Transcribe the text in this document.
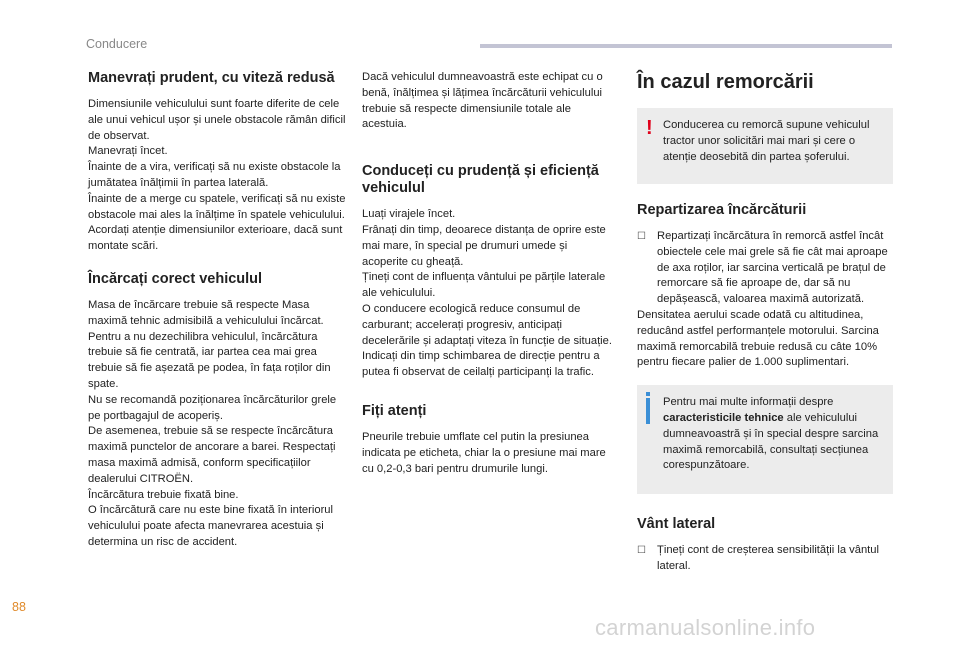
Conducere
Manevrați prudent, cu viteză redusă

Dimensiunile vehiculului sunt foarte diferite de cele ale unui vehicul ușor și unele obstacole rămân dificil de observat.
Manevrați încet.
Înainte de a vira, verificați să nu existe obstacole la jumătatea înălțimii în partea laterală.
Înainte de a merge cu spatele, verificați să nu existe obstacole mai ales la înălțime în spatele vehiculului.
Acordați atenție dimensiunilor exterioare, dacă sunt montate scări.

Încărcați corect vehiculul

Masa de încărcare trebuie să respecte Masa maximă tehnic admisibilă a vehiculului încărcat.
Pentru a nu dezechilibra vehiculul, încărcătura trebuie să fie centrată, iar partea cea mai grea trebuie să fie așezată pe podea, în fața roților din spate.
Nu se recomandă poziționarea încărcăturilor grele pe portbagajul de acoperiș.
De asemenea, trebuie să se respecte încărcătura maximă punctelor de ancorare a barei. Respectați masa maximă admisă, conform specificațiilor dealerului CITROËN.
Încărcătura trebuie fixată bine.
O încărcătură care nu este bine fixată în interiorul vehiculului poate afecta manevrarea acestuia și determina un risc de accident.

Dacă vehiculul dumneavoastră este echipat cu o benă, înălțimea și lățimea încărcăturii vehiculului trebuie să respecte dimensiunile totale ale acestuia.

Conduceți cu prudență și eficiență vehiculul

Luați virajele încet.
Frânați din timp, deoarece distanța de oprire este mai mare, în special pe drumuri umede și acoperite cu gheață.
Țineți cont de influența vântului pe părțile laterale ale vehiculului.
O conducere ecologică reduce consumul de carburant; accelerați progresiv, anticipați decelerările și adaptați viteza în funcție de situație.
Indicați din timp schimbarea de direcție pentru a putea fi observat de ceilalți participanți la trafic.

Fiți atenți

Pneurile trebuie umflate cel putin la presiunea indicata pe eticheta, chiar la o presiune mai mare cu 0,2-0,3 bari pentru drumurile lungi.

În cazul remorcării
! Conducerea cu remorcă supune vehiculul tractor unor solicitări mai mari și cere o atenție deosebită din partea șoferului.

Repartizarea încărcăturii
☐ Repartizați încărcătura în remorcă astfel încât obiectele cele mai grele să fie cât mai aproape de axa roților, iar sarcina verticală pe brațul de remorcare să fie aproape de, dar să nu depășească, valoarea maximă autorizată.

Densitatea aerului scade odată cu altitudinea, reducând astfel performanțele motorului. Sarcina maximă remorcabilă trebuie redusă cu câte 10% pentru fiecare palier de 1.000 suplimentari.

Pentru mai multe informații despre caracteristicile tehnice ale vehiculului dumneavoastră și în special despre sarcina maximă remorcabilă, consultați secțiunea corespunzătoare.

Vânt lateral
☐ Țineți cont de creșterea sensibilității la vântul lateral.

88
carmanualsonline.info
